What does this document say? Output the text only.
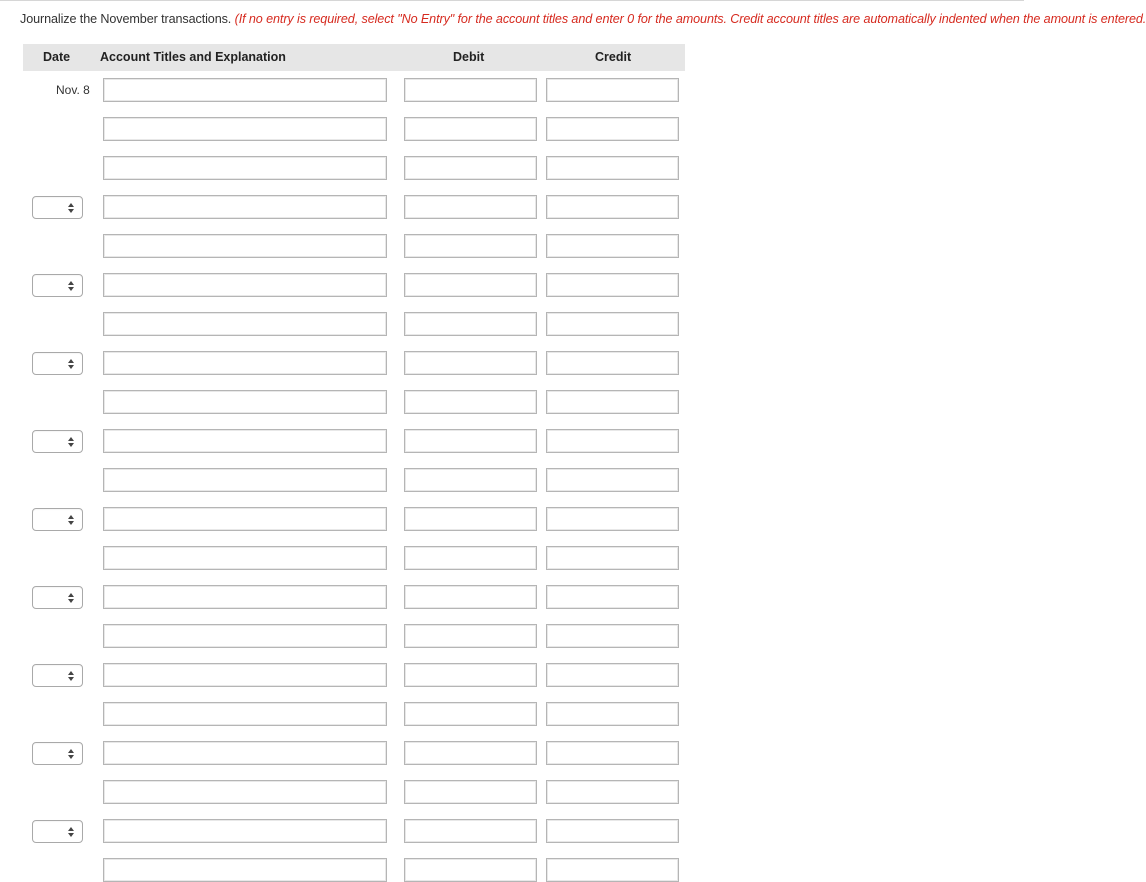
Journalize the November transactions. (If no entry is required, select "No Entry" for the account titles and enter 0 for the amounts. Credit account titles are automatically indented when the amount is entered.
Date Account Titles and Explanation	Debit	Credit
Nov. 8
